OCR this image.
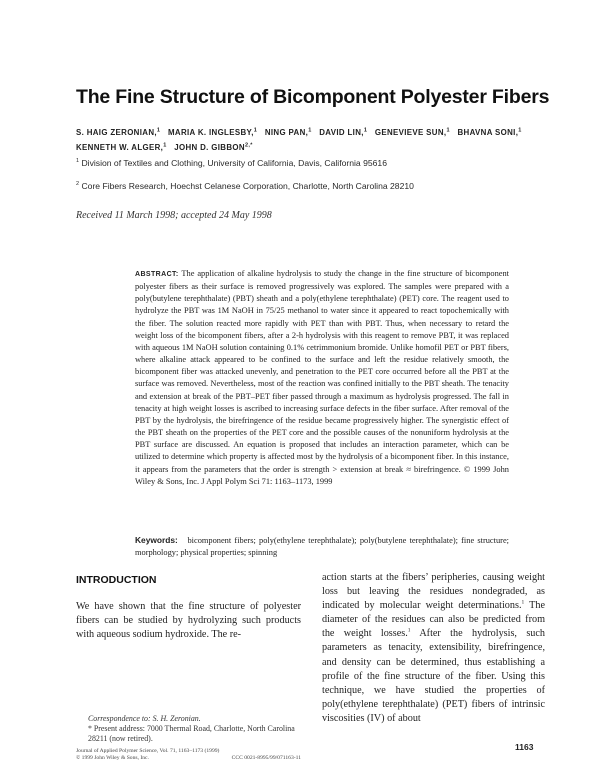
The Fine Structure of Bicomponent Polyester Fibers
S. HAIG ZERONIAN,$^1$ MARIA K. INGLESBY,$^1$ NING PAN,$^1$ DAVID LIN,$^1$ GENEVIEVE SUN,$^1$ BHAVNA SONI,$^1$
KENNETH W. ALGER,$^1$ JOHN D. $GIBBON^{2,*}$
$^1$ Division of Textiles and Clothing, University of California, Davis, California 95616
$^2$ Core Fibers Research, Hoechst Celanese Corporation, Charlotte, North Carolina 28210
Received 11 March 1998; accepted 24 May 1998
ABSTRACT: The application of alkaline hydrolysis to study the change in the fine structure of bicomponent polyester fibers as their surface is removed progressively was explored. The samples were prepared with a poly(butylene terephthalate) (PBT) sheath and a poly(ethylene terephthalate) (PET) core. The reagent used to hydrolyze the PBT was 1M NaOH in 75/25 methanol to water since it appeared to react topochemically with the fiber. The solution reacted more rapidly with PET than with PBT. Thus, when necessary to retard the weight loss of the bicomponent fibers, after a 2-h hydrolysis with this reagent to remove PBT, it was replaced with aqueous 1M NaOH solution containing 0.1% cetrimmonium bromide. Unlike homofil PET or PBT fibers, where alkaline attack appeared to be confined to the surface and left the residue relatively smooth, the bicomponent fiber was attacked unevenly, and penetration to the PET core occurred before all the PBT at the surface was removed. Nevertheless, most of the reaction was confined initially to the PBT sheath. The tenacity and extension at break of the PBT–PET fiber passed through a maximum as hydrolysis progressed. The fall in tenacity at high weight losses is ascribed to increasing surface defects in the fiber surface. After removal of the PBT by the hydrolysis, the birefringence of the residue became progressively higher. The synergistic effect of the PBT sheath on the properties of the PET core and the possible causes of the nonuniform hydrolysis at the PBT surface are discussed. An equation is proposed that includes an interaction parameter, which can be utilized to determine which property is affected most by the hydrolysis of a bicomponent fiber. In this instance, it appears from the parameters that the order is strength > extension at break ≈ birefringence. © 1999 John Wiley & Sons, Inc. J Appl Polym Sci 71: 1163–1173, 1999
Keywords: bicomponent fibers; poly(ethylene terephthalate); poly(butylene terephthalate); fine structure; morphology; physical properties; spinning
INTRODUCTION
We have shown that the fine structure of polyester fibers can be studied by hydrolyzing such products with aqueous sodium hydroxide. The re-
action starts at the fibers’ peripheries, causing weight loss but leaving the residues nondegraded, as indicated by molecular weight determinations.$^1$ The diameter of the residues can also be predicted from the weight losses.$^1$ After the hydrolysis, such parameters as tenacity, extensibility, birefringence, and density can be determined, thus establishing a profile of the fine structure of the fiber. Using this technique, we have studied the properties of poly(ethylene terephthalate) (PET) fibers of intrinsic viscosities (IV) of about
Correspondence to: S. H. Zeronian.
* Present address: 7000 Thermal Road, Charlotte, North Carolina 28211 (now retired).
Journal of Applied Polymer Science, Vol. 71, 1163–1173 (1999)
© 1999 John Wiley & Sons, Inc.	CCC 0021-8995/99/071163-11
1163
